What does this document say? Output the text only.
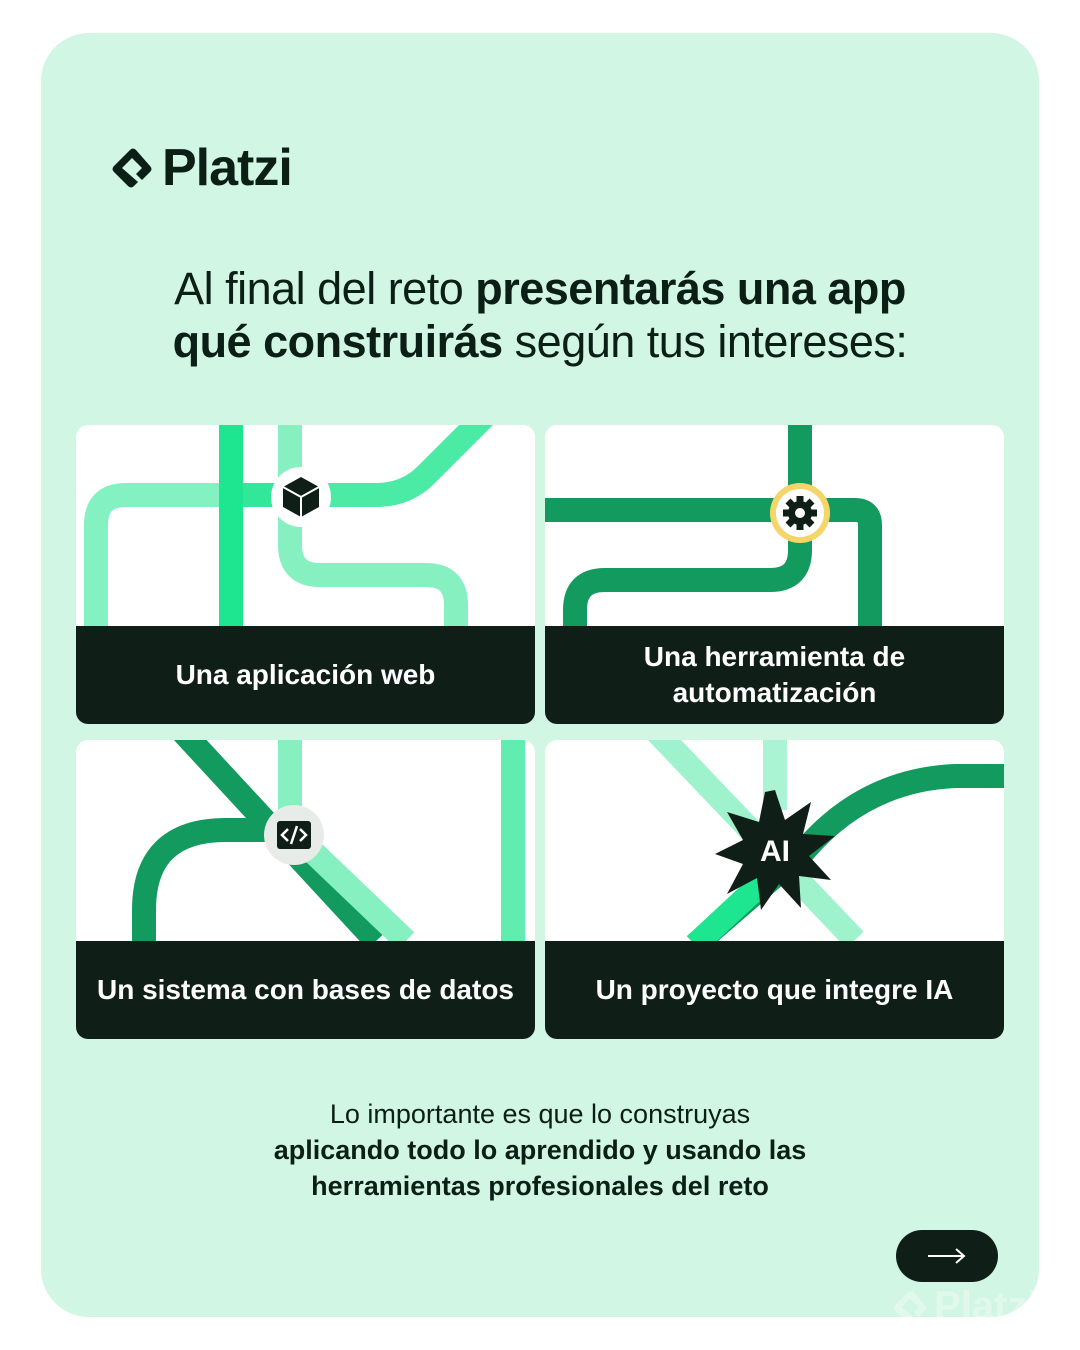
Platzi
Al final del reto presentarás una app
qué construirás según tus intereses:
Una aplicación web
Una herramienta de automatización
Un sistema con bases de datos
AI
Un proyecto que integre IA
Lo importante es que lo construyas
aplicando todo lo aprendido y usando las
herramientas profesionales del reto
Platzi
